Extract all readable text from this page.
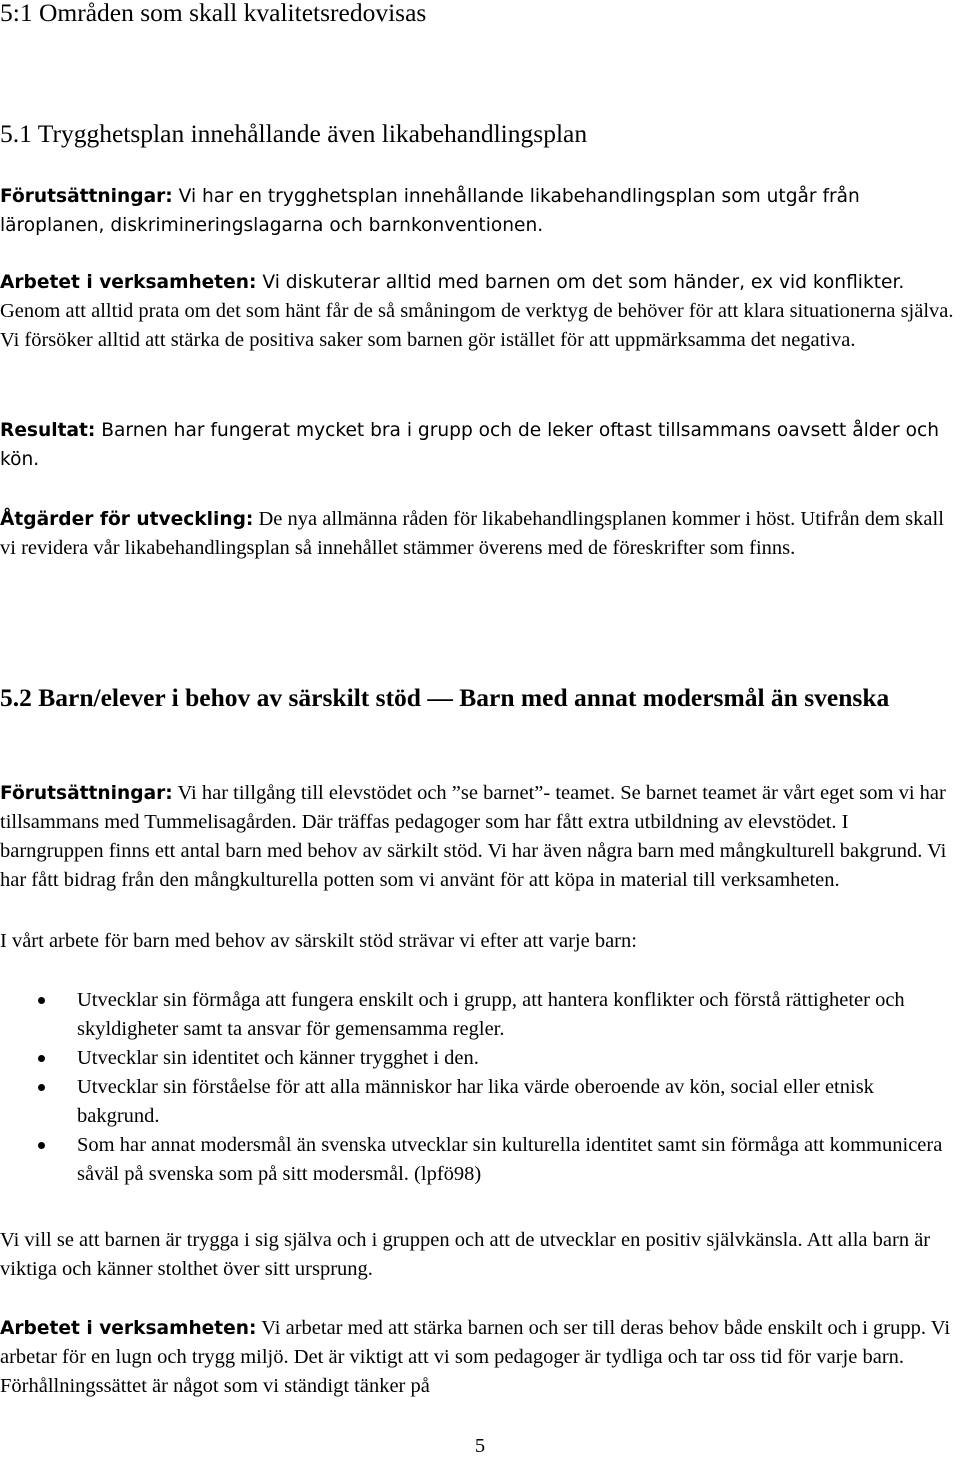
5:1 Områden som skall kvalitetsredovisas
5.1 Trygghetsplan innehållande även likabehandlingsplan

Förutsättningar: Vi har en trygghetsplan innehållande likabehandlingsplan som utgår från läroplanen, diskrimineringslagarna och barnkonventionen.

Arbetet i verksamheten: Vi diskuterar alltid med barnen om det som händer, ex vid konflikter. Genom att alltid prata om det som hänt får de så småningom de verktyg de behöver för att klara situationerna själva. Vi försöker alltid att stärka de positiva saker som barnen gör istället för att uppmärksamma det negativa.

Resultat: Barnen har fungerat mycket bra i grupp och de leker oftast tillsammans oavsett ålder och kön.

Åtgärder för utveckling: De nya allmänna råden för likabehandlingsplanen kommer i höst. Utifrån dem skall vi revidera vår likabehandlingsplan så innehållet stämmer överens med de föreskrifter som finns.

5.2 Barn/elever i behov av särskilt stöd — Barn med annat modersmål än svenska

Förutsättningar: Vi har tillgång till elevstödet och ”se barnet”- teamet. Se barnet teamet är vårt eget som vi har tillsammans med Tummelisagården. Där träffas pedagoger som har fått extra utbildning av elevstödet. I barngruppen finns ett antal barn med behov av särkilt stöd. Vi har även några barn med mångkulturell bakgrund. Vi har fått bidrag från den mångkulturella potten som vi använt för att köpa in material till verksamheten.

I vårt arbete för barn med behov av särskilt stöd strävar vi efter att varje barn:

Utvecklar sin förmåga att fungera enskilt och i grupp, att hantera konflikter och förstå rättigheter och skyldigheter samt ta ansvar för gemensamma regler.
Utvecklar sin identitet och känner trygghet i den.
Utvecklar sin förståelse för att alla människor har lika värde oberoende av kön, social eller etnisk bakgrund.
Som har annat modersmål än svenska utvecklar sin kulturella identitet samt sin förmåga att kommunicera såväl på svenska som på sitt modersmål. (lpfö98)

Vi vill se att barnen är trygga i sig själva och i gruppen och att de utvecklar en positiv självkänsla. Att alla barn är viktiga och känner stolthet över sitt ursprung.

Arbetet i verksamheten: Vi arbetar med att stärka barnen och ser till deras behov både enskilt och i grupp. Vi arbetar för en lugn och trygg miljö. Det är viktigt att vi som pedagoger är tydliga och tar oss tid för varje barn. Förhållningssättet är något som vi ständigt tänker på

5
